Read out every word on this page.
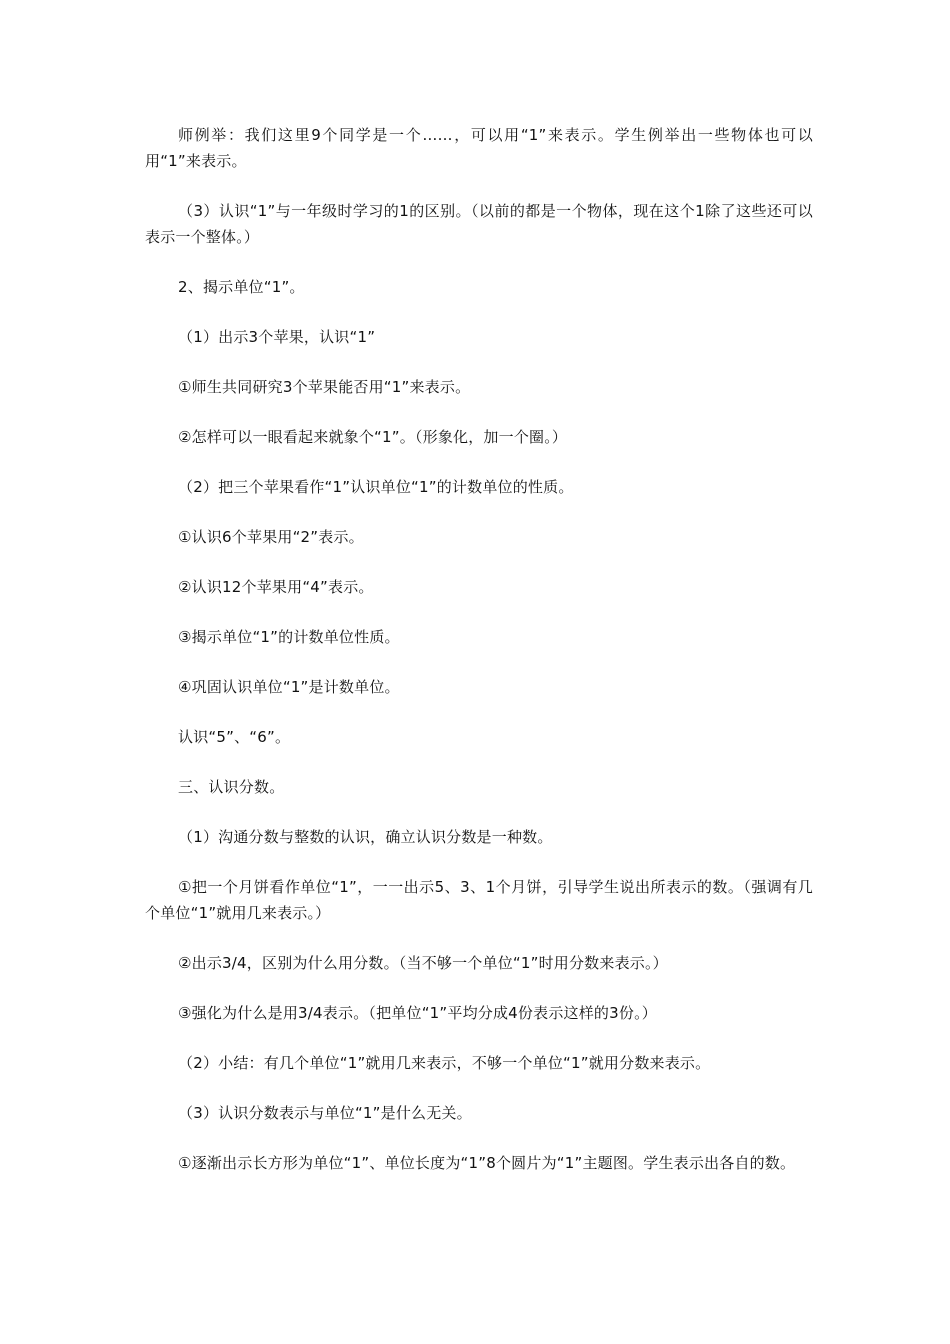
师例举：我们这里9个同学是一个……，可以用“1”来表示。学生例举出一些物体也可以用“1”来表示。

（3）认识“1”与一年级时学习的1的区别。（以前的都是一个物体，现在这个1除了这些还可以表示一个整体。）

2、揭示单位“1”。

（1）出示3个苹果，认识“1”

①师生共同研究3个苹果能否用“1”来表示。

②怎样可以一眼看起来就象个“1”。（形象化，加一个圈。）

（2）把三个苹果看作“1”认识单位“1”的计数单位的性质。

①认识6个苹果用“2”表示。

②认识12个苹果用“4”表示。

③揭示单位“1”的计数单位性质。

④巩固认识单位“1”是计数单位。

认识“5”、“6”。

三、认识分数。

（1）沟通分数与整数的认识，确立认识分数是一种数。

①把一个月饼看作单位“1”，一一出示5、3、1个月饼，引导学生说出所表示的数。（强调有几个单位“1”就用几来表示。）

②出示3/4，区别为什么用分数。（当不够一个单位“1”时用分数来表示。）

③强化为什么是用3/4表示。（把单位“1”平均分成4份表示这样的3份。）

（2）小结：有几个单位“1”就用几来表示，不够一个单位“1”就用分数来表示。

（3）认识分数表示与单位“1”是什么无关。

①逐渐出示长方形为单位“1”、单位长度为“1”8个圆片为“1”主题图。学生表示出各自的数。
